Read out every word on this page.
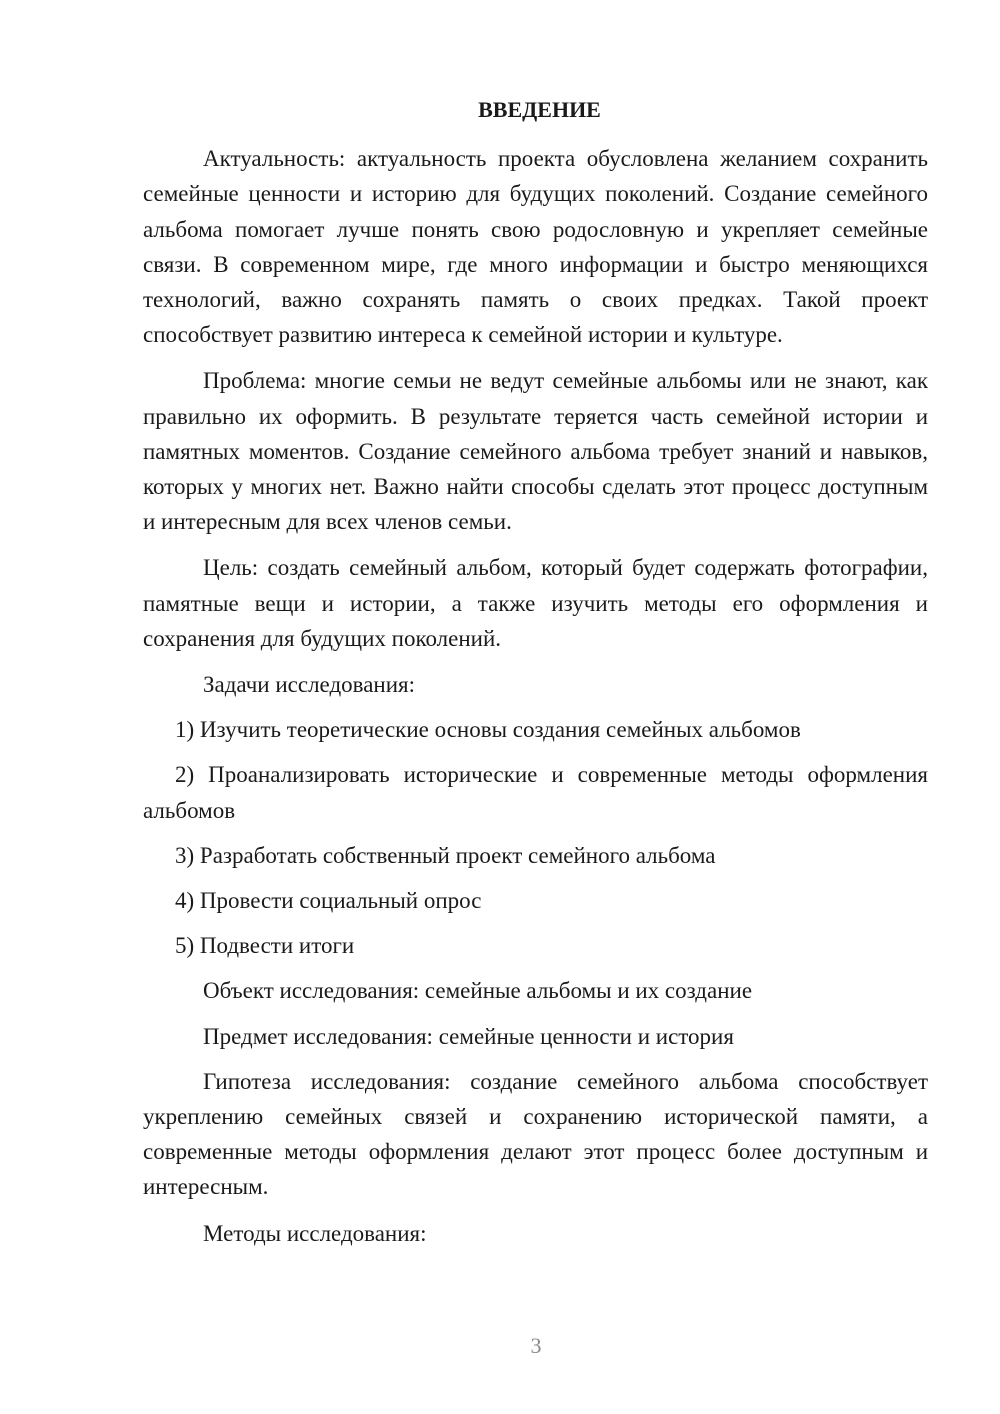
ВВЕДЕНИЕ
Актуальность: актуальность проекта обусловлена желанием сохранить семейные ценности и историю для будущих поколений. Создание семейного альбома помогает лучше понять свою родословную и укрепляет семейные связи. В современном мире, где много информации и быстро меняющихся технологий, важно сохранять память о своих предках. Такой проект способствует развитию интереса к семейной истории и культуре.
Проблема: многие семьи не ведут семейные альбомы или не знают, как правильно их оформить. В результате теряется часть семейной истории и памятных моментов. Создание семейного альбома требует знаний и навыков, которых у многих нет. Важно найти способы сделать этот процесс доступным и интересным для всех членов семьи.
Цель: создать семейный альбом, который будет содержать фотографии, памятные вещи и истории, а также изучить методы его оформления и сохранения для будущих поколений.
Задачи исследования:
1) Изучить теоретические основы создания семейных альбомов
2) Проанализировать исторические и современные методы оформления альбомов
3) Разработать собственный проект семейного альбома
4) Провести социальный опрос
5) Подвести итоги
Объект исследования: семейные альбомы и их создание
Предмет исследования: семейные ценности и история
Гипотеза исследования: создание семейного альбома способствует укреплению семейных связей и сохранению исторической памяти, а современные методы оформления делают этот процесс более доступным и интересным.
Методы исследования:
3
